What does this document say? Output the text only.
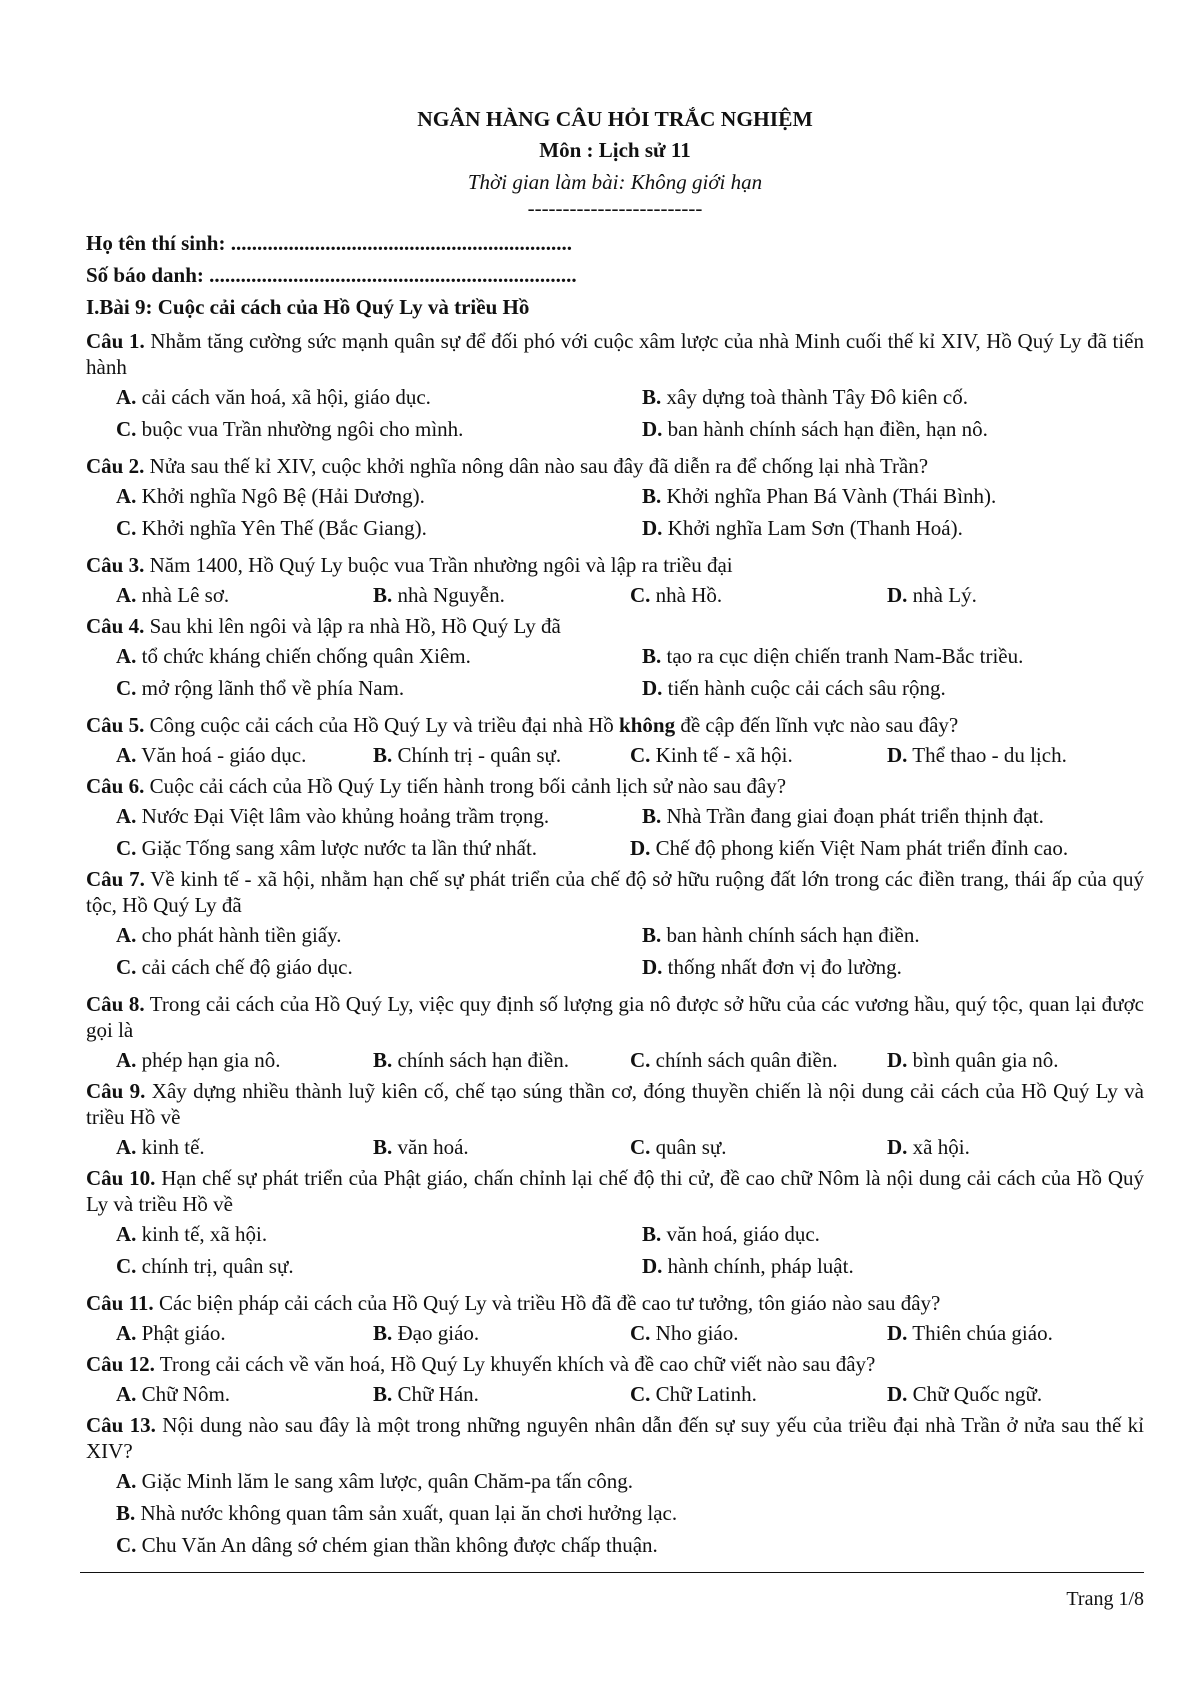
NGÂN HÀNG CÂU HỎI TRẮC NGHIỆM
Môn : Lịch sử 11
Thời gian làm bài: Không giới hạn
-------------------------
Họ tên thí sinh: .................................................................
Số báo danh: ......................................................................
I.Bài 9: Cuộc cải cách của Hồ Quý Ly và triều Hồ
Câu 1. Nhằm tăng cường sức mạnh quân sự để đối phó với cuộc xâm lược của nhà Minh cuối thế kỉ XIV, Hồ Quý Ly đã tiến hành
A. cải cách văn hoá, xã hội, giáo dục.	B. xây dựng toà thành Tây Đô kiên cố.
C. buộc vua Trần nhường ngôi cho mình.	D. ban hành chính sách hạn điền, hạn nô.
Câu 2. Nửa sau thế kỉ XIV, cuộc khởi nghĩa nông dân nào sau đây đã diễn ra để chống lại nhà Trần?
A. Khởi nghĩa Ngô Bệ (Hải Dương).	B. Khởi nghĩa Phan Bá Vành (Thái Bình).
C. Khởi nghĩa Yên Thế (Bắc Giang).	D. Khởi nghĩa Lam Sơn (Thanh Hoá).
Câu 3. Năm 1400, Hồ Quý Ly buộc vua Trần nhường ngôi và lập ra triều đại
A. nhà Lê sơ.	B. nhà Nguyễn.	C. nhà Hồ.	D. nhà Lý.
Câu 4. Sau khi lên ngôi và lập ra nhà Hồ, Hồ Quý Ly đã
A. tổ chức kháng chiến chống quân Xiêm.	B. tạo ra cục diện chiến tranh Nam-Bắc triều.
C. mở rộng lãnh thổ về phía Nam.	D. tiến hành cuộc cải cách sâu rộng.
Câu 5. Công cuộc cải cách của Hồ Quý Ly và triều đại nhà Hồ không đề cập đến lĩnh vực nào sau đây?
A. Văn hoá - giáo dục.	B. Chính trị - quân sự.	C. Kinh tế - xã hội.	D. Thể thao - du lịch.
Câu 6. Cuộc cải cách của Hồ Quý Ly tiến hành trong bối cảnh lịch sử nào sau đây?
A. Nước Đại Việt lâm vào khủng hoảng trầm trọng.	B. Nhà Trần đang giai đoạn phát triển thịnh đạt.
C. Giặc Tống sang xâm lược nước ta lần thứ nhất.	D. Chế độ phong kiến Việt Nam phát triển đỉnh cao.
Câu 7. Về kinh tế - xã hội, nhằm hạn chế sự phát triển của chế độ sở hữu ruộng đất lớn trong các điền trang, thái ấp của quý tộc, Hồ Quý Ly đã
A. cho phát hành tiền giấy.	B. ban hành chính sách hạn điền.
C. cải cách chế độ giáo dục.	D. thống nhất đơn vị đo lường.
Câu 8. Trong cải cách của Hồ Quý Ly, việc quy định số lượng gia nô được sở hữu của các vương hầu, quý tộc, quan lại được gọi là
A. phép hạn gia nô.	B. chính sách hạn điền.	C. chính sách quân điền.	D. bình quân gia nô.
Câu 9. Xây dựng nhiều thành luỹ kiên cố, chế tạo súng thần cơ, đóng thuyền chiến là nội dung cải cách của Hồ Quý Ly và triều Hồ về
A. kinh tế.	B. văn hoá.	C. quân sự.	D. xã hội.
Câu 10. Hạn chế sự phát triển của Phật giáo, chấn chỉnh lại chế độ thi cử, đề cao chữ Nôm là nội dung cải cách của Hồ Quý Ly và triều Hồ về
A. kinh tế, xã hội.	B. văn hoá, giáo dục.
C. chính trị, quân sự.	D. hành chính, pháp luật.
Câu 11. Các biện pháp cải cách của Hồ Quý Ly và triều Hồ đã đề cao tư tưởng, tôn giáo nào sau đây?
A. Phật giáo.	B. Đạo giáo.	C. Nho giáo.	D. Thiên chúa giáo.
Câu 12. Trong cải cách về văn hoá, Hồ Quý Ly khuyến khích và đề cao chữ viết nào sau đây?
A. Chữ Nôm.	B. Chữ Hán.	C. Chữ Latinh.	D. Chữ Quốc ngữ.
Câu 13. Nội dung nào sau đây là một trong những nguyên nhân dẫn đến sự suy yếu của triều đại nhà Trần ở nửa sau thế kỉ XIV?
A. Giặc Minh lăm le sang xâm lược, quân Chăm-pa tấn công.
B. Nhà nước không quan tâm sản xuất, quan lại ăn chơi hưởng lạc.
C. Chu Văn An dâng sớ chém gian thần không được chấp thuận.
Trang 1/8
